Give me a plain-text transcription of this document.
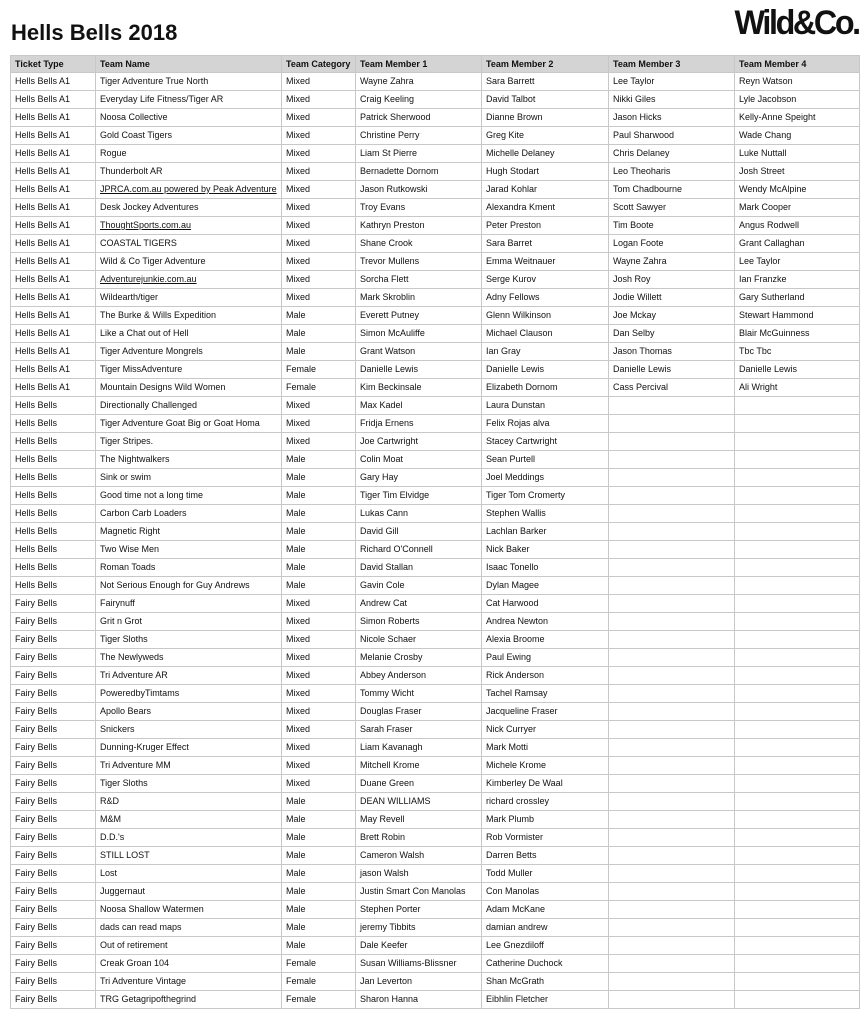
Hells Bells 2018	Wild&Co.
Ticket Type	Team Name	Team Category	Team Member 1	Team Member 2	Team Member 3	Team Member 4
Hells Bells A1	Tiger Adventure True North	Mixed	Wayne Zahra	Sara Barrett	Lee Taylor	Reyn Watson
Hells Bells A1	Everyday Life Fitness/Tiger AR	Mixed	Craig Keeling	David Talbot	Nikki Giles	Lyle Jacobson
Hells Bells A1	Noosa Collective	Mixed	Patrick Sherwood	Dianne Brown	Jason Hicks	Kelly-Anne Speight
Hells Bells A1	Gold Coast Tigers	Mixed	Christine Perry	Greg Kite	Paul Sharwood	Wade Chang
Hells Bells A1	Rogue	Mixed	Liam St Pierre	Michelle Delaney	Chris Delaney	Luke Nuttall
Hells Bells A1	Thunderbolt AR	Mixed	Bernadette Dornom	Hugh Stodart	Leo Theoharis	Josh Street
Hells Bells A1	JPRCA.com.au powered by Peak Adventure	Mixed	Jason Rutkowski	Jarad Kohlar	Tom Chadbourne	Wendy McAlpine
Hells Bells A1	Desk Jockey Adventures	Mixed	Troy Evans	Alexandra Kment	Scott Sawyer	Mark Cooper
Hells Bells A1	ThoughtSports.com.au	Mixed	Kathryn Preston	Peter Preston	Tim Boote	Angus Rodwell
Hells Bells A1	COASTAL TIGERS	Mixed	Shane Crook	Sara Barret	Logan Foote	Grant Callaghan
Hells Bells A1	Wild & Co Tiger Adventure	Mixed	Trevor Mullens	Emma Weitnauer	Wayne Zahra	Lee Taylor
Hells Bells A1	Adventurejunkie.com.au	Mixed	Sorcha Flett	Serge Kurov	Josh Roy	Ian Franzke
Hells Bells A1	Wildearth/tiger	Mixed	Mark Skroblin	Adny Fellows	Jodie Willett	Gary Sutherland
Hells Bells A1	The Burke & Wills Expedition	Male	Everett Putney	Glenn Wilkinson	Joe Mckay	Stewart Hammond
Hells Bells A1	Like a Chat out of Hell	Male	Simon McAuliffe	Michael Clauson	Dan Selby	Blair McGuinness
Hells Bells A1	Tiger Adventure Mongrels	Male	Grant Watson	Ian Gray	Jason Thomas	Tbc Tbc
Hells Bells A1	Tiger MissAdventure	Female	Danielle Lewis	Danielle Lewis	Danielle Lewis	Danielle Lewis
Hells Bells A1	Mountain Designs Wild Women	Female	Kim Beckinsale	Elizabeth Dornom	Cass Percival	Ali Wright
Hells Bells	Directionally Challenged	Mixed	Max Kadel	Laura Dunstan		
Hells Bells	Tiger Adventure Goat Big or Goat Homa	Mixed	Fridja Ernens	Felix Rojas alva		
Hells Bells	Tiger Stripes.	Mixed	Joe Cartwright	Stacey Cartwright		
Hells Bells	The Nightwalkers	Male	Colin Moat	Sean Purtell		
Hells Bells	Sink or swim	Male	Gary Hay	Joel Meddings		
Hells Bells	Good time not a long time	Male	Tiger Tim Elvidge	Tiger Tom Cromerty		
Hells Bells	Carbon Carb Loaders	Male	Lukas Cann	Stephen Wallis		
Hells Bells	Magnetic Right	Male	David Gill	Lachlan Barker		
Hells Bells	Two Wise Men	Male	Richard O'Connell	Nick Baker		
Hells Bells	Roman Toads	Male	David Stallan	Isaac Tonello		
Hells Bells	Not Serious Enough for Guy Andrews	Male	Gavin Cole	Dylan Magee		
Fairy Bells	Fairynuff	Mixed	Andrew Cat	Cat Harwood		
Fairy Bells	Grit n Grot	Mixed	Simon Roberts	Andrea Newton		
Fairy Bells	Tiger Sloths	Mixed	Nicole Schaer	Alexia Broome		
Fairy Bells	The Newlyweds	Mixed	Melanie Crosby	Paul Ewing		
Fairy Bells	Tri Adventure AR	Mixed	Abbey Anderson	Rick Anderson		
Fairy Bells	PoweredbyTimtams	Mixed	Tommy Wicht	Tachel Ramsay		
Fairy Bells	Apollo Bears	Mixed	Douglas Fraser	Jacqueline Fraser		
Fairy Bells	Snickers	Mixed	Sarah Fraser	Nick Curryer		
Fairy Bells	Dunning-Kruger Effect	Mixed	Liam Kavanagh	Mark Motti		
Fairy Bells	Tri Adventure MM	Mixed	Mitchell Krome	Michele Krome		
Fairy Bells	Tiger Sloths	Mixed	Duane Green	Kimberley De Waal		
Fairy Bells	R&D	Male	DEAN WILLIAMS	richard crossley		
Fairy Bells	M&M	Male	May Revell	Mark Plumb		
Fairy Bells	D.D.'s	Male	Brett Robin	Rob Vormister		
Fairy Bells	STILL LOST	Male	Cameron Walsh	Darren Betts		
Fairy Bells	Lost	Male	jason Walsh	Todd Muller		
Fairy Bells	Juggernaut	Male	Justin Smart Con Manolas	Con Manolas		
Fairy Bells	Noosa Shallow Watermen	Male	Stephen Porter	Adam McKane		
Fairy Bells	dads can read maps	Male	jeremy Tibbits	damian andrew		
Fairy Bells	Out of retirement	Male	Dale Keefer	Lee Gnezdiloff		
Fairy Bells	Creak Groan 104	Female	Susan Williams-Blissner	Catherine Duchock		
Fairy Bells	Tri Adventure Vintage	Female	Jan Leverton	Shan McGrath		
Fairy Bells	TRG Getagripofthegrind	Female	Sharon Hanna	Eibhlin Fletcher		
